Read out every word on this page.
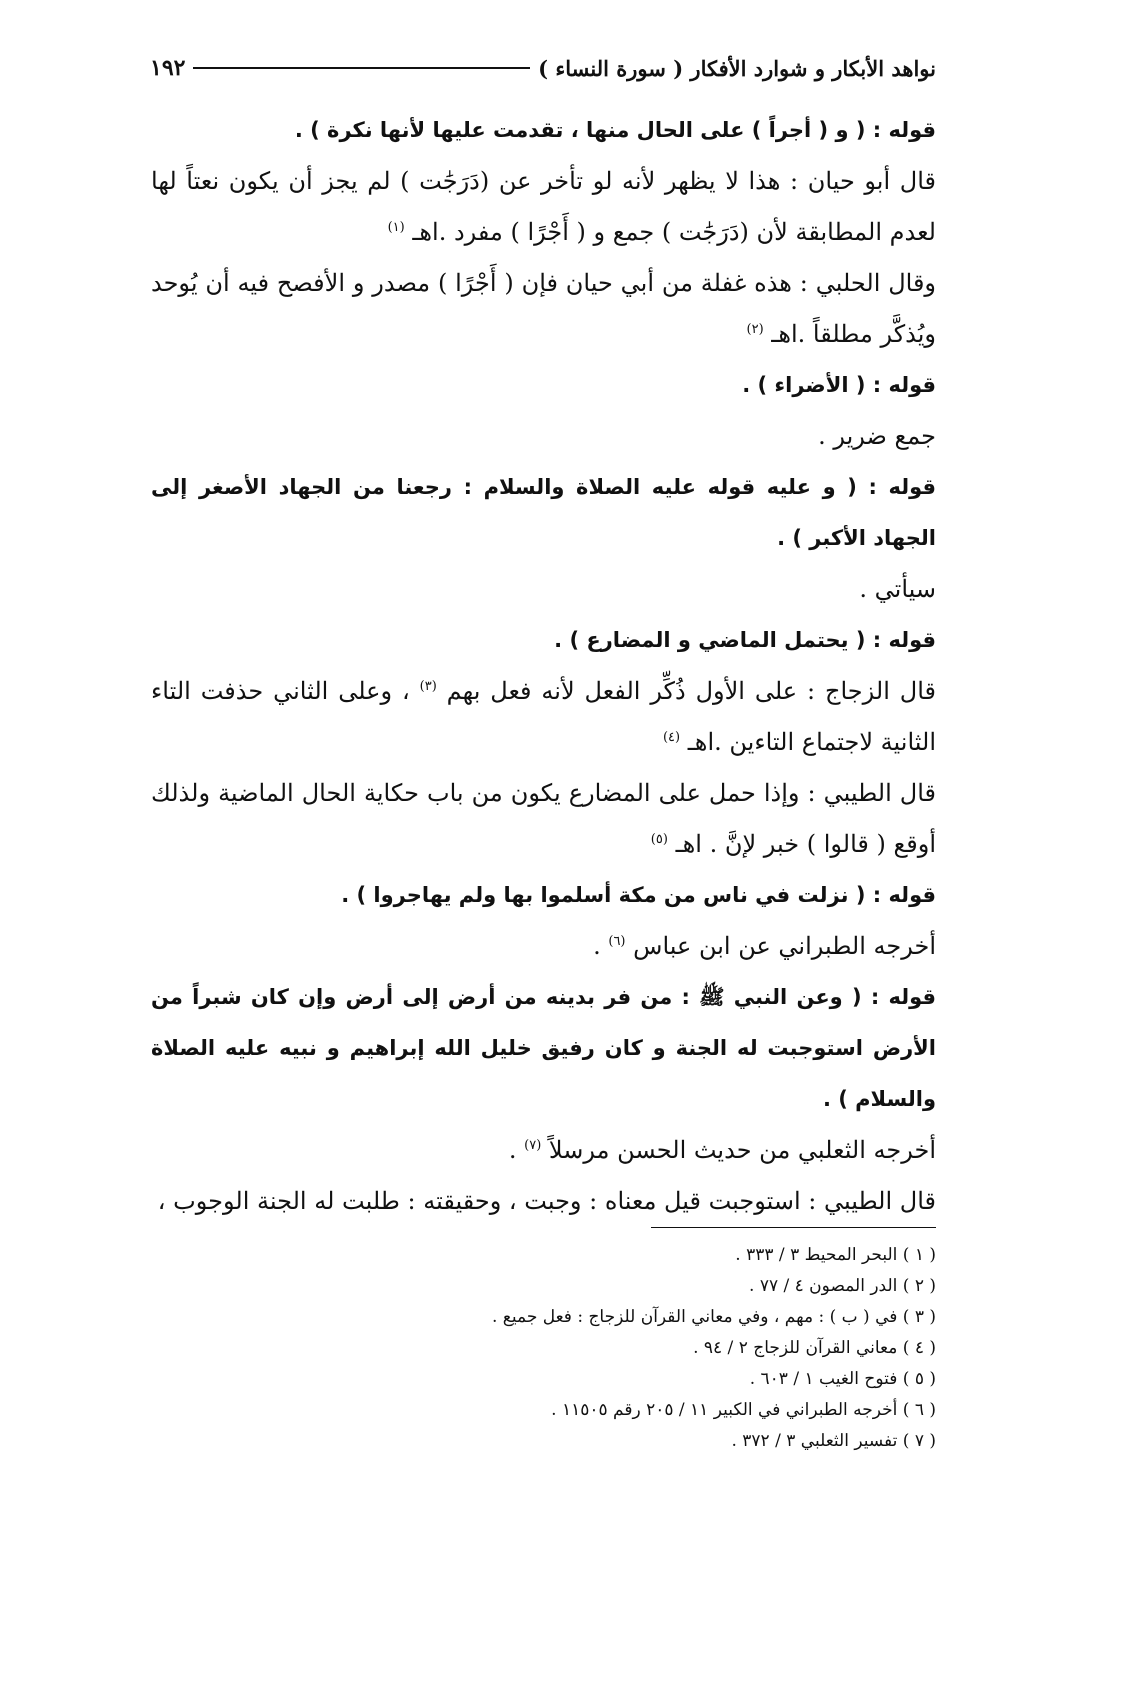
نواهد الأبكار و شوارد الأفكار ( سورة النساء )
١٩٢

قوله : ( و ( أجراً ) على الحال منها ، تقدمت عليها لأنها نكرة ) .

قال أبو حيان : هذا لا يظهر لأنه لو تأخر عن (دَرَجَٰت ) لم يجز أن يكون نعتاً لها لعدم المطابقة لأن (دَرَجَٰت ) جمع و ( أَجْرًا ) مفرد .اهـ $^{(١)}$

وقال الحلبي : هذه غفلة من أبي حيان فإن ( أَجْرًا ) مصدر و الأفصح فيه أن يُوحد ويُذكَّر مطلقاً .اهـ $^{(٢)}$

قوله : ( الأضراء ) .

جمع ضرير .

قوله : ( و عليه قوله عليه الصلاة والسلام : رجعنا من الجهاد الأصغر إلى الجهاد الأكبر ) .

سيأتي .

قوله : ( يحتمل الماضي و المضارع ) .

قال الزجاج : على الأول ذُكِّر الفعل لأنه فعل بهم $^{(٣)}$ ، وعلى الثاني حذفت التاء الثانية لاجتماع التاءين .اهـ $^{(٤)}$

قال الطيبي : وإذا حمل على المضارع يكون من باب حكاية الحال الماضية ولذلك أوقع ( قالوا ) خبر لإنَّ . اهـ $^{(٥)}$

قوله : ( نزلت في ناس من مكة أسلموا بها ولم يهاجروا ) .

أخرجه الطبراني عن ابن عباس $^{(٦)}$ .

قوله : ( وعن النبي ﷺ : من فر بدينه من أرض إلى أرض وإن كان شبراً من الأرض استوجبت له الجنة و كان رفيق خليل الله إبراهيم و نبيه عليه الصلاة والسلام ) .

أخرجه الثعلبي من حديث الحسن مرسلاً $^{(٧)}$ .

قال الطيبي : استوجبت قيل معناه : وجبت ، وحقيقته : طلبت له الجنة الوجوب ،

( ١ ) البحر المحيط ٣ / ٣٣٣ .
( ٢ ) الدر المصون ٤ / ٧٧ .
( ٣ ) في ( ب ) : مهم ، وفي معاني القرآن للزجاج : فعل جميع .
( ٤ ) معاني القرآن للزجاج ٢ / ٩٤ .
( ٥ ) فتوح الغيب ١ / ٦٠٣ .
( ٦ ) أخرجه الطبراني في الكبير ١١ / ٢٠٥ رقم ١١٥٠٥ .
( ٧ ) تفسير الثعلبي ٣ / ٣٧٢ .
